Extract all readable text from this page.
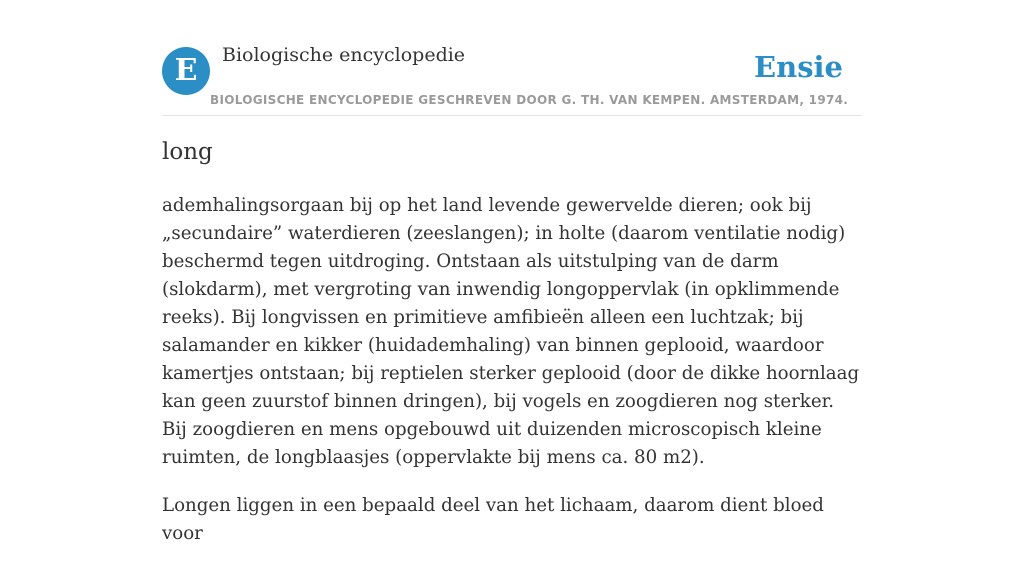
E	Biologische encyclopedie	Ensie
BIOLOGISCHE ENCYCLOPEDIE GESCHREVEN DOOR G. TH. VAN KEMPEN. AMSTERDAM, 1974.
long

ademhalingsorgaan bij op het land levende gewervelde dieren; ook bij „secundaire” waterdieren (zeeslangen); in holte (daarom ventilatie nodig) beschermd tegen uitdroging. Ontstaan als uitstulping van de darm (slokdarm), met vergroting van inwendig longoppervlak (in opklimmende reeks). Bij longvissen en primitieve amfibieën alleen een luchtzak; bij salamander en kikker (huidademhaling) van binnen geplooid, waardoor kamertjes ontstaan; bij reptielen sterker geplooid (door de dikke hoornlaag kan geen zuurstof binnen dringen), bij vogels en zoogdieren nog sterker. Bij zoogdieren en mens opgebouwd uit duizenden microscopisch kleine ruimten, de longblaasjes (oppervlakte bij mens ca. 80 m2).

Longen liggen in een bepaald deel van het lichaam, daarom dient bloed voor
